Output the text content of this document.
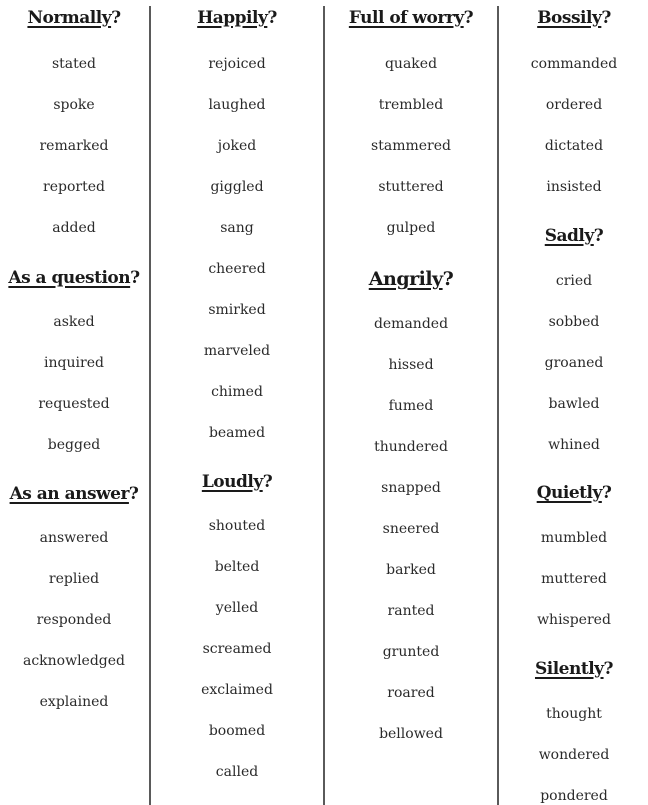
Normally?
stated
spoke
remarked
reported
added
As a question?
asked
inquired
requested
begged
As an answer?
answered
replied
responded
acknowledged
explained
Happily?
rejoiced
laughed
joked
giggled
sang
cheered
smirked
marveled
chimed
beamed
Loudly?
shouted
belted
yelled
screamed
exclaimed
boomed
called
Full of worry?
quaked
trembled
stammered
stuttered
gulped
Angrily?
demanded
hissed
fumed
thundered
snapped
sneered
barked
ranted
grunted
roared
bellowed
Bossily?
commanded
ordered
dictated
insisted
Sadly?
cried
sobbed
groaned
bawled
whined
Quietly?
mumbled
muttered
whispered
Silently?
thought
wondered
pondered
